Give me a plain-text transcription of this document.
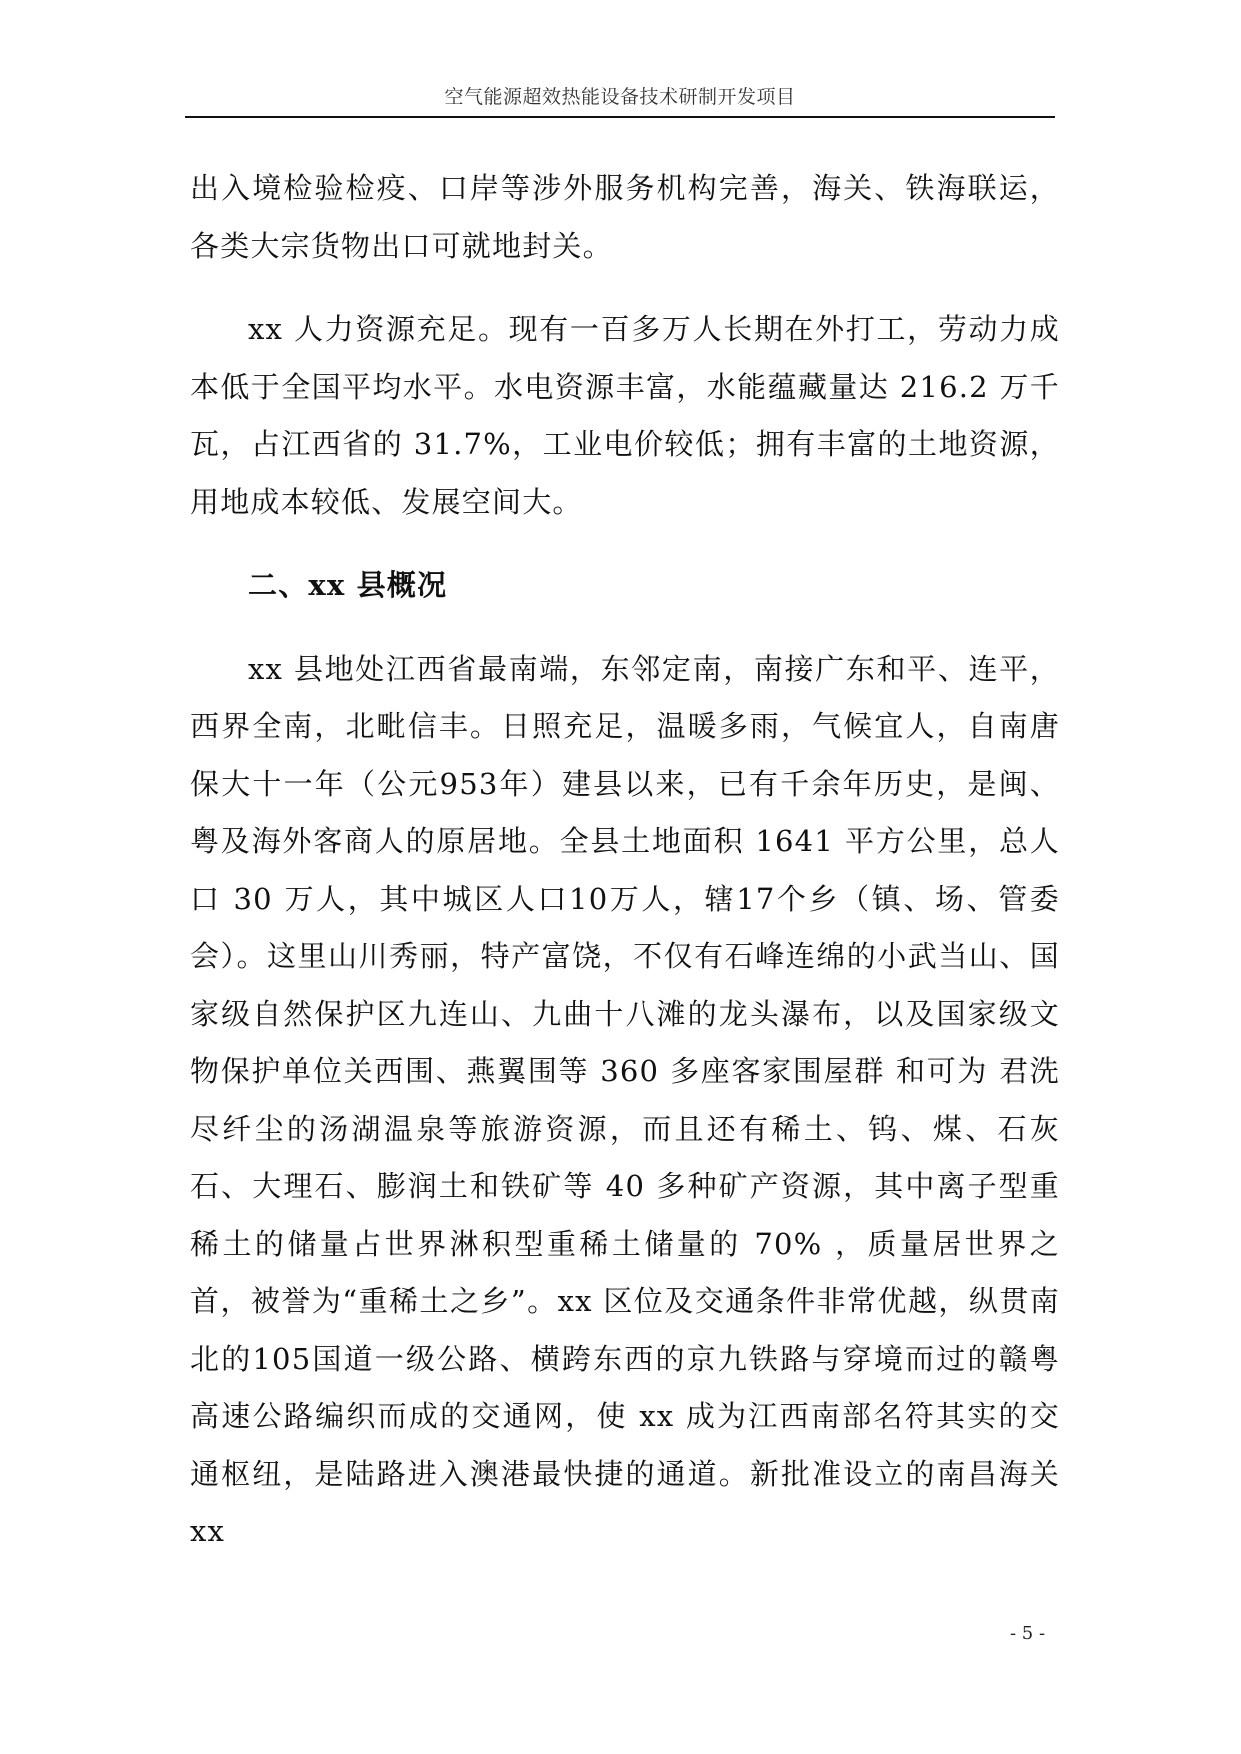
空气能源超效热能设备技术研制开发项目

出入境检验检疫、口岸等涉外服务机构完善，海关、铁海联运，各类大宗货物出口可就地封关。

xx 人力资源充足。现有一百多万人长期在外打工，劳动力成本低于全国平均水平。水电资源丰富，水能蕴藏量达 216.2 万千瓦，占江西省的 31.7%，工业电价较低；拥有丰富的土地资源，用地成本较低、发展空间大。

二、xx 县概况

xx 县地处江西省最南端，东邻定南，南接广东和平、连平，西界全南，北毗信丰。日照充足，温暖多雨，气候宜人，自南唐保大十一年（公元953年）建县以来，已有千余年历史，是闽、粤及海外客商人的原居地。全县土地面积 1641 平方公里，总人口 30 万人，其中城区人口10万人，辖17个乡（镇、场、管委会）。这里山川秀丽，特产富饶，不仅有石峰连绵的小武当山、国家级自然保护区九连山、九曲十八滩的龙头瀑布，以及国家级文物保护单位关西围、燕翼围等 360 多座客家围屋群 和可为 君洗尽纤尘的汤湖温泉等旅游资源，而且还有稀土、钨、煤、石灰石、大理石、膨润土和铁矿等 40 多种矿产资源，其中离子型重稀土的储量占世界淋积型重稀土储量的 70% ，质量居世界之首，被誉为“重稀土之乡”。xx 区位及交通条件非常优越，纵贯南北的105国道一级公路、横跨东西的京九铁路与穿境而过的赣粤高速公路编织而成的交通网，使 xx 成为江西南部名符其实的交通枢纽，是陆路进入澳港最快捷的通道。新批准设立的南昌海关 xx

- 5 -
